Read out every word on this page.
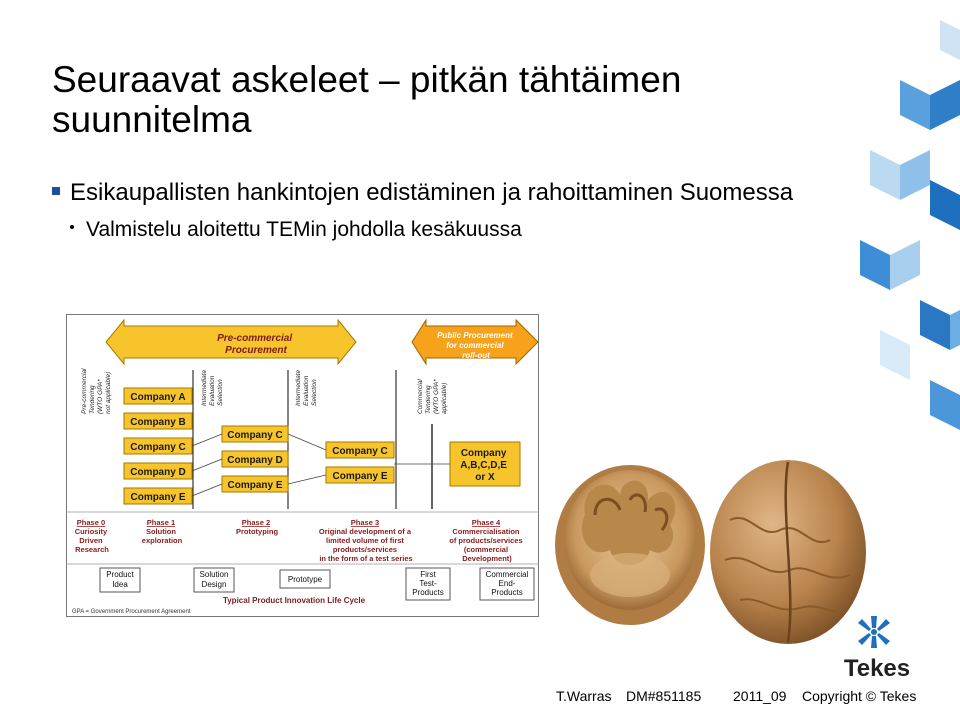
Seuraavat askeleet – pitkän tähtäimen suunnitelma
Esikaupallisten hankintojen edistäminen ja rahoittaminen Suomessa
Valmistelu aloitettu TEMin johdolla kesäkuussa
Pre-commercial Procurement
Public Procurement for commercial roll-out
Pre-commercial Tendering (WTO GPA* not applicable)	Intermediate Evaluation Selection	Intermediate Evaluation Selection	Commercial Tendering (WTO GPA* applicable)
Company A
Company B
Company C
Company D
Company E
Company C
Company D
Company E
Company C
Company E
Company A,B,C,D,E or X
Phase 0 Curiosity Driven Research
Phase 1 Solution exploration
Phase 2 Prototyping
Phase 3 Original development of a limited volume of first products/services in the form of a test series
Phase 4 Commercialisation of products/services (commercial Development)
Product Idea
Solution Design
Prototype
First Test-Products
Commercial End-Products
Typical Product Innovation Life Cycle
GPA = Government Procurement Agreement
Tekes
T.Warras DM#851185 2011_09 Copyright © Tekes
